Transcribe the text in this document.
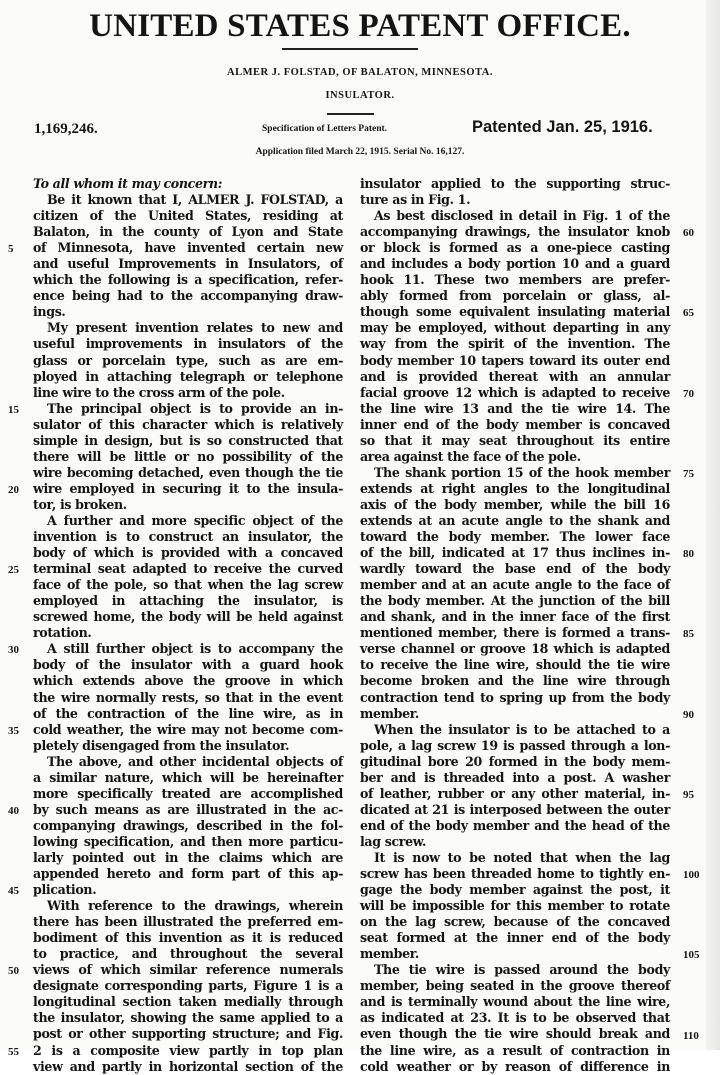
UNITED STATES PATENT OFFICE.
ALMER J. FOLSTAD, OF BALATON, MINNESOTA.
INSULATOR.
1,169,246.	Specification of Letters Patent.	Patented Jan. 25, 1916.
Application filed March 22, 1915. Serial No. 16,127.
To all whom it may concern:
Be it known that I, ALMER J. FOLSTAD, a
citizen of the United States, residing at
Balaton, in the county of Lyon and State
of Minnesota, have invented certain new
and useful Improvements in Insulators, of
which the following is a specification, refer-
ence being had to the accompanying draw-
ings.
My present invention relates to new and
useful improvements in insulators of the
glass or porcelain type, such as are em-
ployed in attaching telegraph or telephone
line wire to the cross arm of the pole.
The principal object is to provide an in-
sulator of this character which is relatively
simple in design, but is so constructed that
there will be little or no possibility of the
wire becoming detached, even though the tie
wire employed in securing it to the insula-
tor, is broken.
A further and more specific object of the
invention is to construct an insulator, the
body of which is provided with a concaved
terminal seat adapted to receive the curved
face of the pole, so that when the lag screw
employed in attaching the insulator, is
screwed home, the body will be held against
rotation.
A still further object is to accompany the
body of the insulator with a guard hook
which extends above the groove in which
the wire normally rests, so that in the event
of the contraction of the line wire, as in
cold weather, the wire may not become com-
pletely disengaged from the insulator.
The above, and other incidental objects of
a similar nature, which will be hereinafter
more specifically treated are accomplished
by such means as are illustrated in the ac-
companying drawings, described in the fol-
lowing specification, and then more particu-
larly pointed out in the claims which are
appended hereto and form part of this ap-
plication.
With reference to the drawings, wherein
there has been illustrated the preferred em-
bodiment of this invention as it is reduced
to practice, and throughout the several
views of which similar reference numerals
designate corresponding parts, Figure 1 is a
longitudinal section taken medially through
the insulator, showing the same applied to a
post or other supporting structure; and Fig.
2 is a composite view partly in top plan
view and partly in horizontal section of the
insulator applied to the supporting struc-
ture as in Fig. 1.
As best disclosed in detail in Fig. 1 of the
accompanying drawings, the insulator knob
or block is formed as a one-piece casting
and includes a body portion 10 and a guard
hook 11. These two members are prefer-
ably formed from porcelain or glass, al-
though some equivalent insulating material
may be employed, without departing in any
way from the spirit of the invention. The
body member 10 tapers toward its outer end
and is provided thereat with an annular
facial groove 12 which is adapted to receive
the line wire 13 and the tie wire 14. The
inner end of the body member is concaved
so that it may seat throughout its entire
area against the face of the pole.
The shank portion 15 of the hook member
extends at right angles to the longitudinal
axis of the body member, while the bill 16
extends at an acute angle to the shank and
toward the body member. The lower face
of the bill, indicated at 17 thus inclines in-
wardly toward the base end of the body
member and at an acute angle to the face of
the body member. At the junction of the bill
and shank, and in the inner face of the first
mentioned member, there is formed a trans-
verse channel or groove 18 which is adapted
to receive the line wire, should the tie wire
become broken and the line wire through
contraction tend to spring up from the body
member.
When the insulator is to be attached to a
pole, a lag screw 19 is passed through a lon-
gitudinal bore 20 formed in the body mem-
ber and is threaded into a post. A washer
of leather, rubber or any other material, in-
dicated at 21 is interposed between the outer
end of the body member and the head of the
lag screw.
It is now to be noted that when the lag
screw has been threaded home to tightly en-
gage the body member against the post, it
will be impossible for this member to rotate
on the lag screw, because of the concaved
seat formed at the inner end of the body
member.
The tie wire is passed around the body
member, being seated in the groove thereof
and is terminally wound about the line wire,
as indicated at 23. It is to be observed that
even though the tie wire should break and
the line wire, as a result of contraction in
cold weather or by reason of difference in
5
15
20
25
30
35
40
45
50
55
60
65
70
75
80
85
90
95
100
105
110
